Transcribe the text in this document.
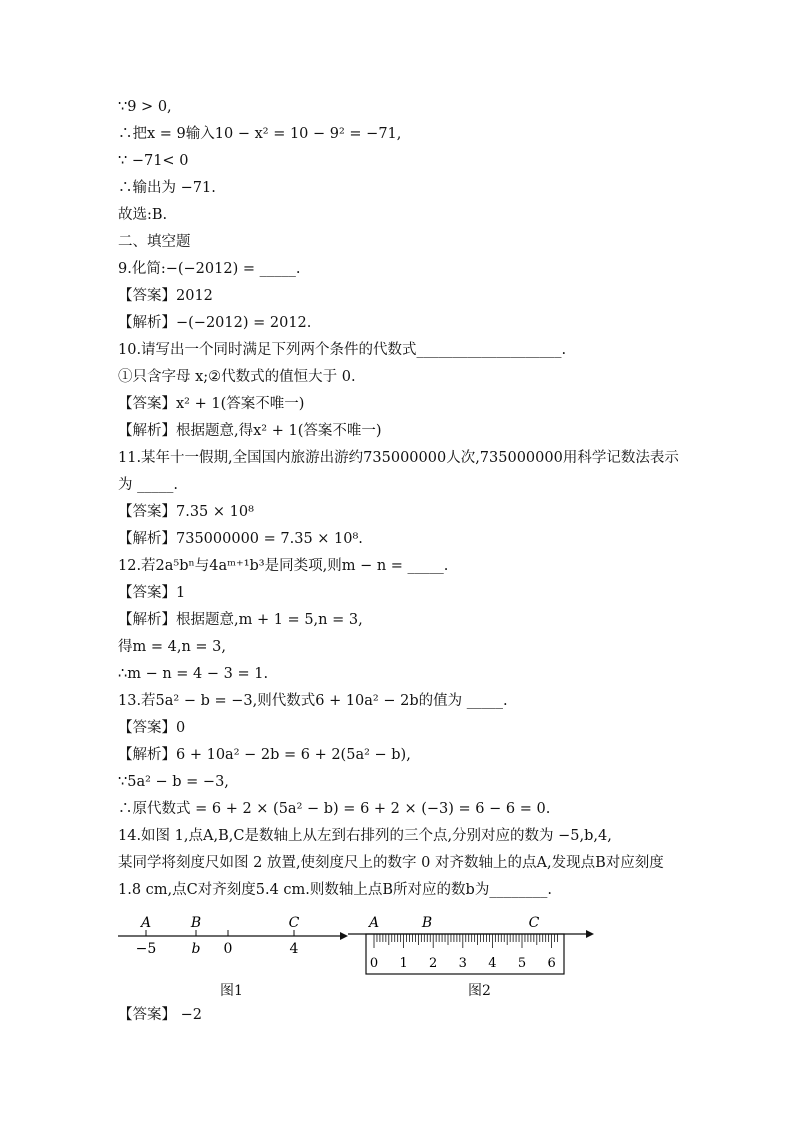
∵9 > 0,
∴把x = 9输入10 − x² = 10 − 9² = −71,
∵ −71< 0
∴输出为 −71.
故选:B.
二、填空题
9.化简:−(−2012) = _____.
【答案】2012
【解析】−(−2012) = 2012.
10.请写出一个同时满足下列两个条件的代数式____________________.
①只含字母 x;②代数式的值恒大于 0.
【答案】x² + 1(答案不唯一)
【解析】根据题意,得x² + 1(答案不唯一)
11.某年十一假期,全国国内旅游出游约735000000人次,735000000用科学记数法表示
为 _____.
【答案】7.35 × 10⁸
【解析】735000000 = 7.35 × 10⁸.
12.若2a⁵bⁿ与4aᵐ⁺¹b³是同类项,则m − n = _____.
【答案】1
【解析】根据题意,m + 1 = 5,n = 3,
得m = 4,n = 3,
∴m − n = 4 − 3 = 1.
13.若5a² − b = −3,则代数式6 + 10a² − 2b的值为 _____.
【答案】0
【解析】6 + 10a² − 2b = 6 + 2(5a² − b),
∵5a² − b = −3,
∴原代数式 = 6 + 2 × (5a² − b) = 6 + 2 × (−3) = 6 − 6 = 0.
14.如图 1,点A,B,C是数轴上从左到右排列的三个点,分别对应的数为 −5,b,4,
某同学将刻度尺如图 2 放置,使刻度尺上的数字 0 对齐数轴上的点A,发现点B对应刻度
1.8 cm,点C对齐刻度5.4 cm.则数轴上点B所对应的数b为________.
【答案】 −2
A	B	C
−5	b 0	4
图1
A	B	C
0 1 2 3 4 5 6
图2
